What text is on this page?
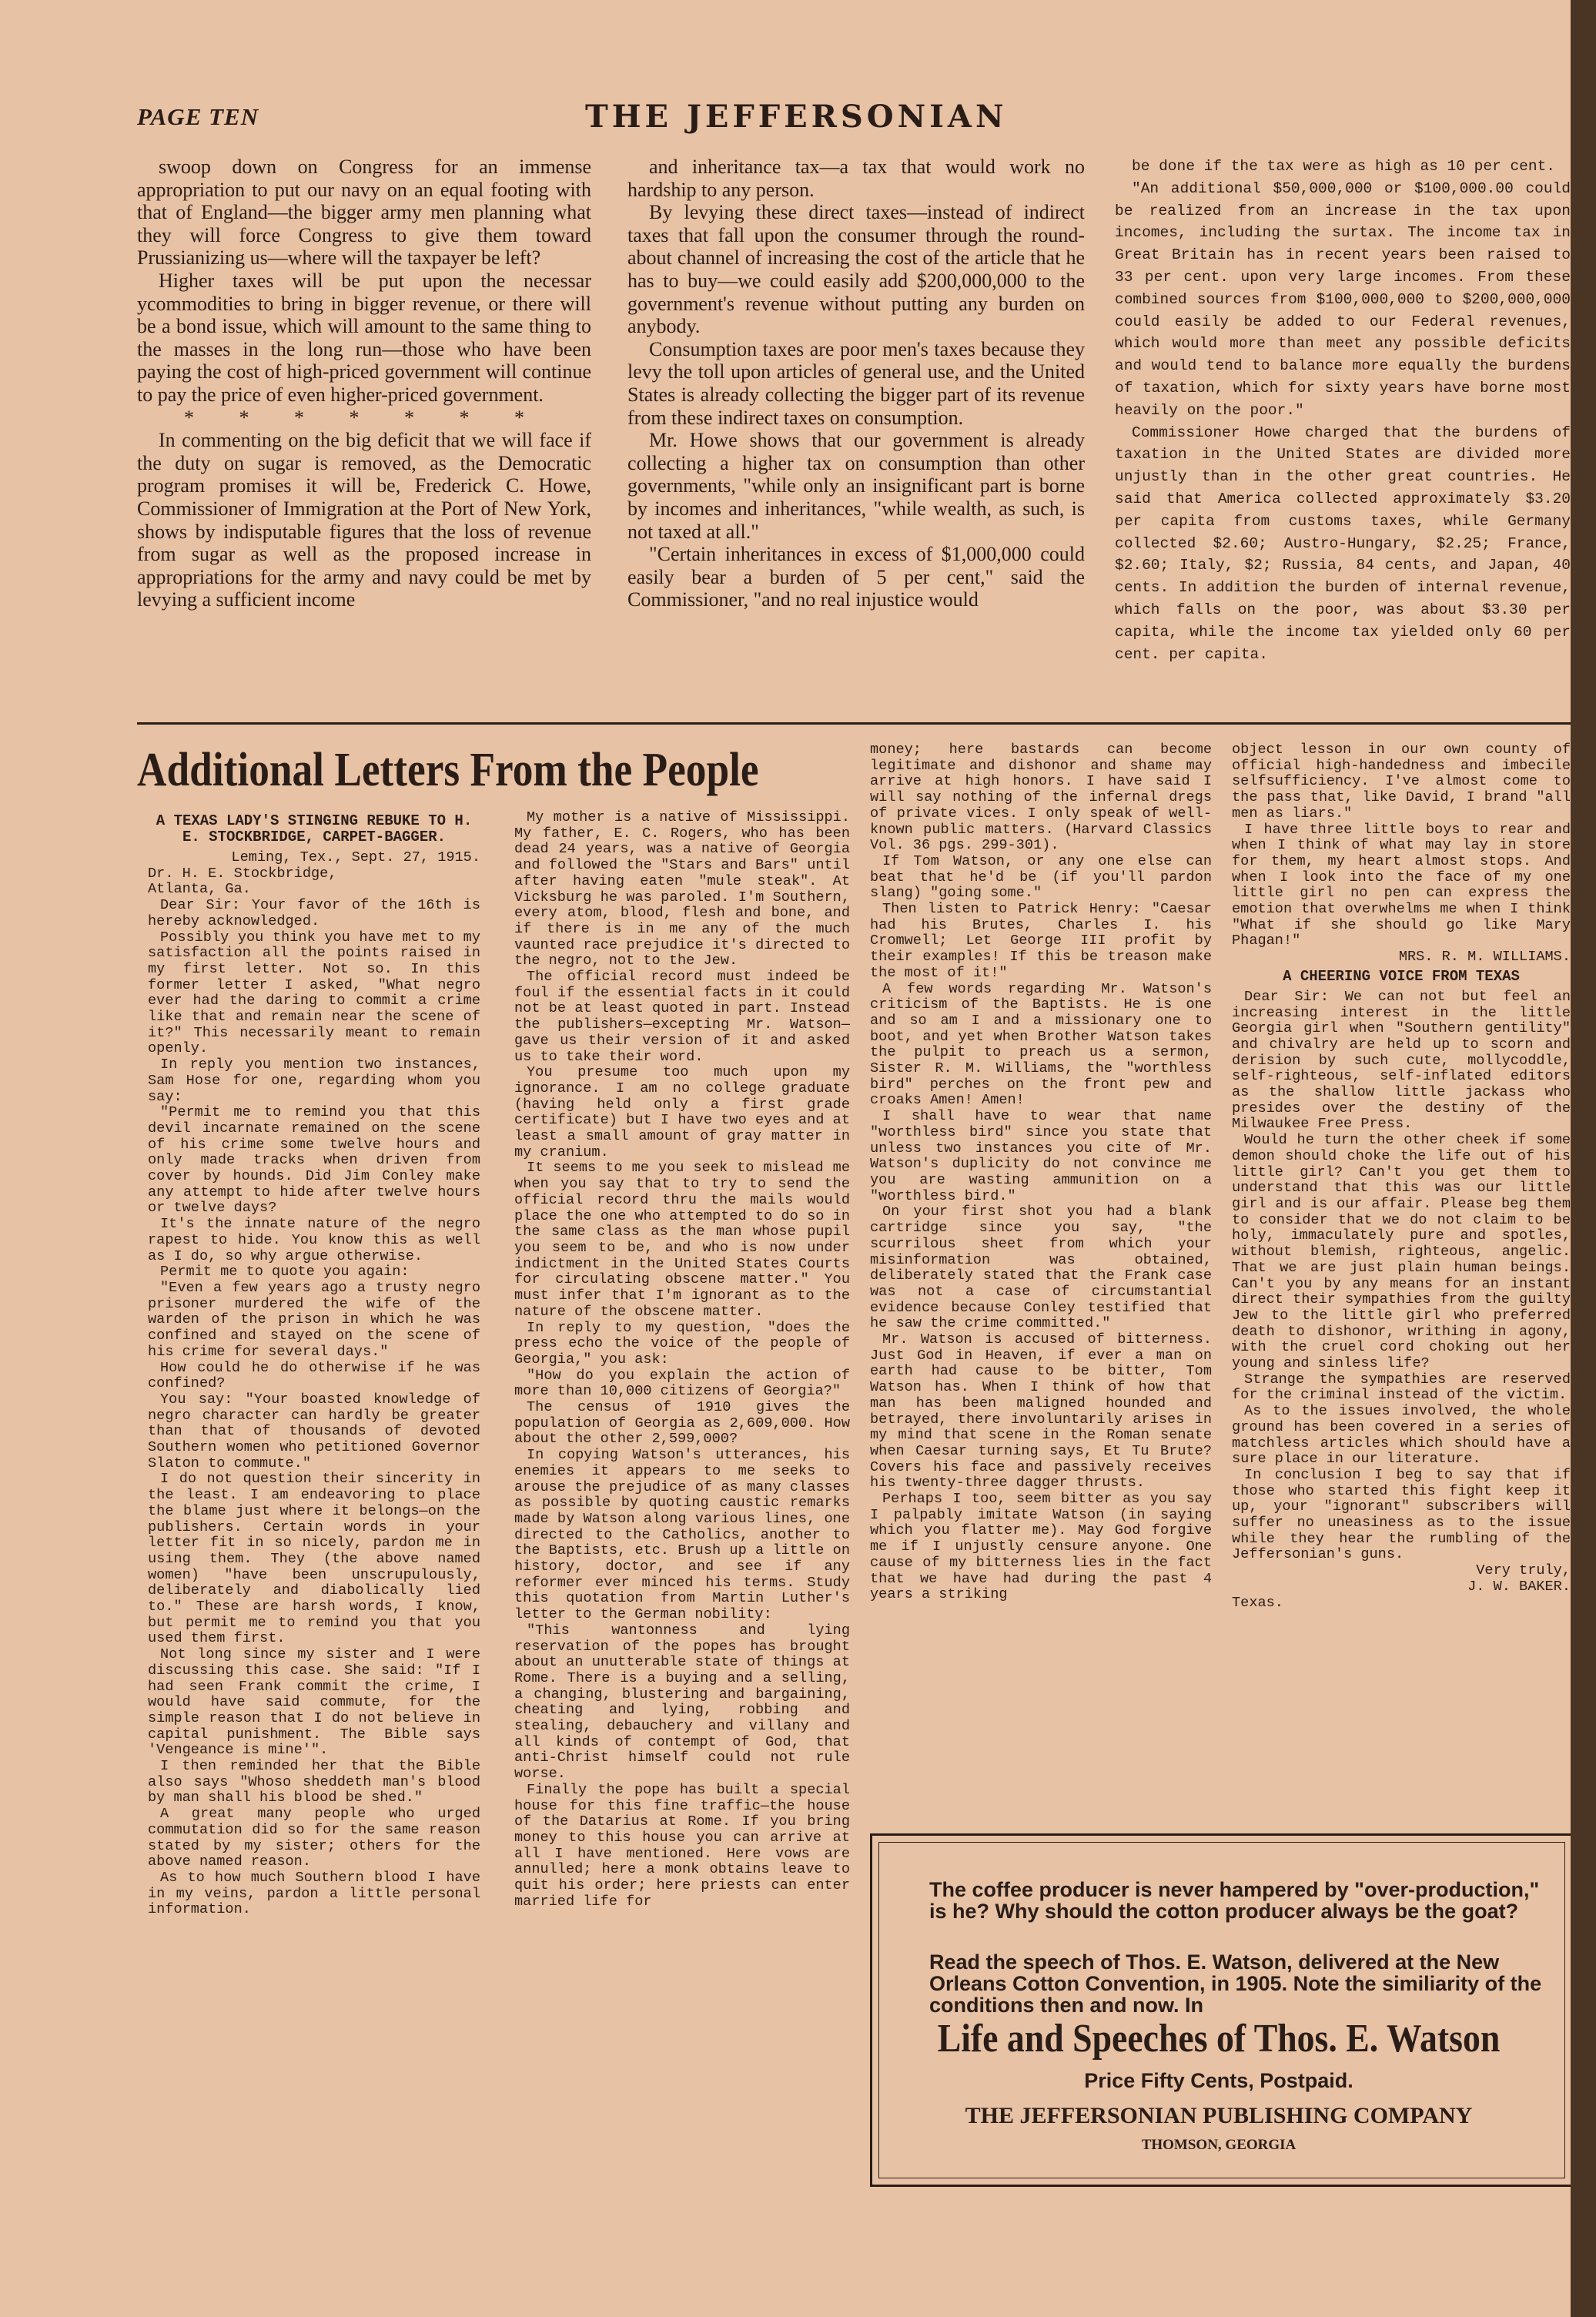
PAGE TEN	THE JEFFERSONIAN

swoop down on Congress for an immense appropriation to put our navy on an equal footing with that of England—the bigger army men planning what they will force Congress to give them toward Prussianizing us—where will the taxpayer be left?

Higher taxes will be put upon the necessar ycommodities to bring in bigger revenue, or there will be a bond issue, which will amount to the same thing to the masses in the long run—those who have been paying the cost of high-priced government will continue to pay the price of even higher-priced government.

* * * * * * *

In commenting on the big deficit that we will face if the duty on sugar is removed, as the Democratic program promises it will be, Frederick C. Howe, Commissioner of Immigration at the Port of New York, shows by indisputable figures that the loss of revenue from sugar as well as the proposed increase in appropriations for the army and navy could be met by levying a sufficient income

and inheritance tax—a tax that would work no hardship to any person.

By levying these direct taxes—instead of indirect taxes that fall upon the consumer through the round-about channel of increasing the cost of the article that he has to buy—we could easily add $200,000,000 to the government's revenue without putting any burden on anybody.

Consumption taxes are poor men's taxes because they levy the toll upon articles of general use, and the United States is already collecting the bigger part of its revenue from these indirect taxes on consumption.

Mr. Howe shows that our government is already collecting a higher tax on consumption than other governments, "while only an insignificant part is borne by incomes and inheritances, "while wealth, as such, is not taxed at all."

"Certain inheritances in excess of $1,000,000 could easily bear a burden of 5 per cent," said the Commissioner, "and no real injustice would

be done if the tax were as high as 10 per cent.

"An additional $50,000,000 or $100,000.00 could be realized from an increase in the tax upon incomes, including the surtax. The income tax in Great Britain has in recent years been raised to 33 per cent. upon very large incomes. From these combined sources from $100,000,000 to $200,000,000 could easily be added to our Federal revenues, which would more than meet any possible deficits and would tend to balance more equally the burdens of taxation, which for sixty years have borne most heavily on the poor."

Commissioner Howe charged that the burdens of taxation in the United States are divided more unjustly than in the other great countries. He said that America collected approximately $3.20 per capita from customs taxes, while Germany collected $2.60; Austro-Hungary, $2.25; France, $2.60; Italy, $2; Russia, 84 cents, and Japan, 40 cents. In addition the burden of internal revenue, which falls on the poor, was about $3.30 per capita, while the income tax yielded only 60 per cent. per capita.

Additional Letters From the People
A TEXAS LADY'S STINGING REBUKE TO H. E. STOCKBRIDGE, CARPET-BAGGER.

Leming, Tex., Sept. 27, 1915.

Dr. H. E. Stockbridge,

Atlanta, Ga.

Dear Sir: Your favor of the 16th is hereby acknowledged.

Possibly you think you have met to my satisfaction all the points raised in my first letter. Not so. In this former letter I asked, "What negro ever had the daring to commit a crime like that and remain near the scene of it?" This necessarily meant to remain openly.

In reply you mention two instances, Sam Hose for one, regarding whom you say:

"Permit me to remind you that this devil incarnate remained on the scene of his crime some twelve hours and only made tracks when driven from cover by hounds. Did Jim Conley make any attempt to hide after twelve hours or twelve days?

It's the innate nature of the negro rapest to hide. You know this as well as I do, so why argue otherwise.

Permit me to quote you again:

"Even a few years ago a trusty negro prisoner murdered the wife of the warden of the prison in which he was confined and stayed on the scene of his crime for several days."

How could he do otherwise if he was confined?

You say: "Your boasted knowledge of negro character can hardly be greater than that of thousands of devoted Southern women who petitioned Governor Slaton to commute."

I do not question their sincerity in the least. I am endeavoring to place the blame just where it belongs—on the publishers. Certain words in your letter fit in so nicely, pardon me in using them. They (the above named women) "have been unscrupulously, deliberately and diabolically lied to." These are harsh words, I know, but permit me to remind you that you used them first.

Not long since my sister and I were discussing this case. She said: "If I had seen Frank commit the crime, I would have said commute, for the simple reason that I do not believe in capital punishment. The Bible says 'Vengeance is mine'".

I then reminded her that the Bible also says "Whoso sheddeth man's blood by man shall his blood be shed."

A great many people who urged commutation did so for the same reason stated by my sister; others for the above named reason.

As to how much Southern blood I have in my veins, pardon a little personal information.

My mother is a native of Mississippi. My father, E. C. Rogers, who has been dead 24 years, was a native of Georgia and followed the "Stars and Bars" until after having eaten "mule steak". At Vicksburg he was paroled. I'm Southern, every atom, blood, flesh and bone, and if there is in me any of the much vaunted race prejudice it's directed to the negro, not to the Jew.

The official record must indeed be foul if the essential facts in it could not be at least quoted in part. Instead the publishers—excepting Mr. Watson—gave us their version of it and asked us to take their word.

You presume too much upon my ignorance. I am no college graduate (having held only a first grade certificate) but I have two eyes and at least a small amount of gray matter in my cranium.

It seems to me you seek to mislead me when you say that to try to send the official record thru the mails would place the one who attempted to do so in the same class as the man whose pupil you seem to be, and who is now under indictment in the United States Courts for circulating obscene matter." You must infer that I'm ignorant as to the nature of the obscene matter.

In reply to my question, "does the press echo the voice of the people of Georgia," you ask:

"How do you explain the action of more than 10,000 citizens of Georgia?"

The census of 1910 gives the population of Georgia as 2,609,000. How about the other 2,599,000?

In copying Watson's utterances, his enemies it appears to me seeks to arouse the prejudice of as many classes as possible by quoting caustic remarks made by Watson along various lines, one directed to the Catholics, another to the Baptists, etc. Brush up a little on history, doctor, and see if any reformer ever minced his terms. Study this quotation from Martin Luther's letter to the German nobility:

"This wantonness and lying reservation of the popes has brought about an unutterable state of things at Rome. There is a buying and a selling, a changing, blustering and bargaining, cheating and lying, robbing and stealing, debauchery and villany and all kinds of contempt of God, that anti-Christ himself could not rule worse.

Finally the pope has built a special house for this fine traffic—the house of the Datarius at Rome. If you bring money to this house you can arrive at all I have mentioned. Here vows are annulled; here a monk obtains leave to quit his order; here priests can enter married life for

money; here bastards can become legitimate and dishonor and shame may arrive at high honors. I have said I will say nothing of the infernal dregs of private vices. I only speak of well-known public matters. (Harvard Classics Vol. 36 pgs. 299-301).

If Tom Watson, or any one else can beat that he'd be (if you'll pardon slang) "going some."

Then listen to Patrick Henry: "Caesar had his Brutes, Charles I. his Cromwell; Let George III profit by their examples! If this be treason make the most of it!"

A few words regarding Mr. Watson's criticism of the Baptists. He is one and so am I and a missionary one to boot, and yet when Brother Watson takes the pulpit to preach us a sermon, Sister R. M. Williams, the "worthless bird" perches on the front pew and croaks Amen! Amen!

I shall have to wear that name "worthless bird" since you state that unless two instances you cite of Mr. Watson's duplicity do not convince me you are wasting ammunition on a "worthless bird."

On your first shot you had a blank cartridge since you say, "the scurrilous sheet from which your misinformation was obtained, deliberately stated that the Frank case was not a case of circumstantial evidence because Conley testified that he saw the crime committed."

Mr. Watson is accused of bitterness. Just God in Heaven, if ever a man on earth had cause to be bitter, Tom Watson has. When I think of how that man has been maligned hounded and betrayed, there involuntarily arises in my mind that scene in the Roman senate when Caesar turning says, Et Tu Brute? Covers his face and passively receives his twenty-three dagger thrusts.

Perhaps I too, seem bitter as you say I palpably imitate Watson (in saying which you flatter me). May God forgive me if I unjustly censure anyone. One cause of my bitterness lies in the fact that we have had during the past 4 years a striking

object lesson in our own county of official high-handedness and imbecile selfsufficiency. I've almost come to the pass that, like David, I brand "all men as liars."

I have three little boys to rear and when I think of what may lay in store for them, my heart almost stops. And when I look into the face of my one little girl no pen can express the emotion that overwhelms me when I think "What if she should go like Mary Phagan!"

MRS. R. M. WILLIAMS.

A CHEERING VOICE FROM TEXAS

Dear Sir: We can not but feel an increasing interest in the little Georgia girl when "Southern gentility" and chivalry are held up to scorn and derision by such cute, mollycoddle, self-righteous, self-inflated editors as the shallow little jackass who presides over the destiny of the Milwaukee Free Press.

Would he turn the other cheek if some demon should choke the life out of his little girl? Can't you get them to understand that this was our little girl and is our affair. Please beg them to consider that we do not claim to be holy, immaculately pure and spotles, without blemish, righteous, angelic. That we are just plain human beings. Can't you by any means for an instant direct their sympathies from the guilty Jew to the little girl who preferred death to dishonor, writhing in agony, with the cruel cord choking out her young and sinless life?

Strange the sympathies are reserved for the criminal instead of the victim.

As to the issues involved, the whole ground has been covered in a series of matchless articles which should have a sure place in our literature.

In conclusion I beg to say that if those who started this fight keep it up, your "ignorant" subscribers will suffer no uneasiness as to the issue while they hear the rumbling of the Jeffersonian's guns.

Very truly,

J. W. BAKER.

Texas.

The coffee producer is never hampered by "over-production," is he? Why should the cotton producer always be the goat?

Read the speech of Thos. E. Watson, delivered at the New Orleans Cotton Convention, in 1905. Note the similiarity of the conditions then and now. In

Life and Speeches of Thos. E. Watson

Price Fifty Cents, Postpaid.

THE JEFFERSONIAN PUBLISHING COMPANY

THOMSON, GEORGIA
